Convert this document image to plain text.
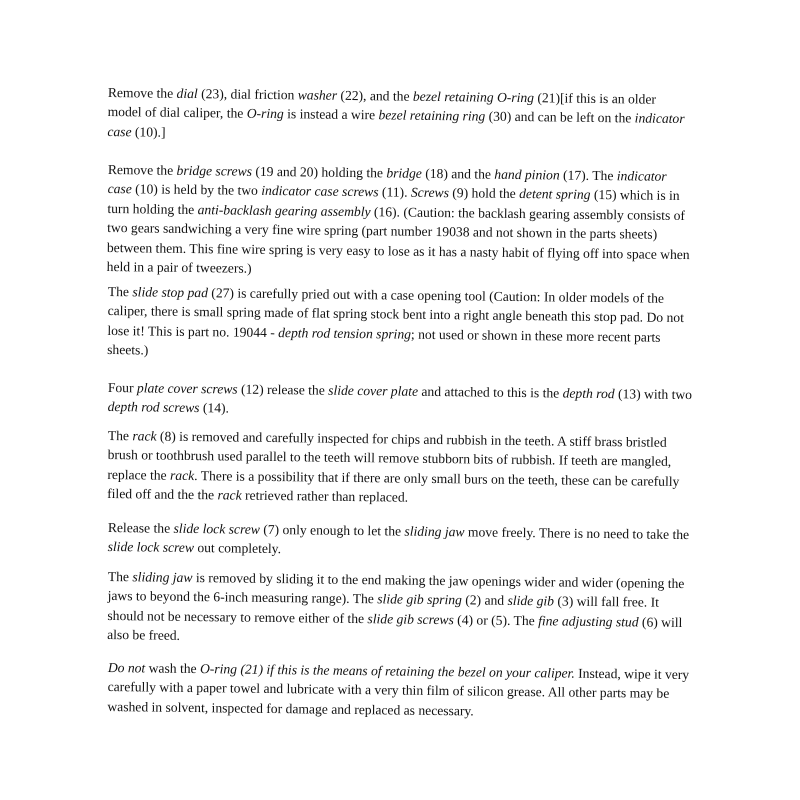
Remove the dial (23), dial friction washer (22), and the bezel retaining O-ring (21)[if this is an older model of dial caliper, the O-ring is instead a wire bezel retaining ring (30) and can be left on the indicator case (10).]

Remove the bridge screws (19 and 20) holding the bridge (18) and the hand pinion (17). The indicator case (10) is held by the two indicator case screws (11). Screws (9) hold the detent spring (15) which is in turn holding the anti-backlash gearing assembly (16). (Caution: the backlash gearing assembly consists of two gears sandwiching a very fine wire spring (part number 19038 and not shown in the parts sheets) between them. This fine wire spring is very easy to lose as it has a nasty habit of flying off into space when held in a pair of tweezers.)

The slide stop pad (27) is carefully pried out with a case opening tool (Caution: In older models of the caliper, there is small spring made of flat spring stock bent into a right angle beneath this stop pad. Do not lose it! This is part no. 19044 - depth rod tension spring; not used or shown in these more recent parts sheets.)

Four plate cover screws (12) release the slide cover plate and attached to this is the depth rod (13) with two depth rod screws (14).

The rack (8) is removed and carefully inspected for chips and rubbish in the teeth. A stiff brass bristled brush or toothbrush used parallel to the teeth will remove stubborn bits of rubbish. If teeth are mangled, replace the rack. There is a possibility that if there are only small burs on the teeth, these can be carefully filed off and the the rack retrieved rather than replaced.

Release the slide lock screw (7) only enough to let the sliding jaw move freely. There is no need to take the slide lock screw out completely.

The sliding jaw is removed by sliding it to the end making the jaw openings wider and wider (opening the jaws to beyond the 6-inch measuring range). The slide gib spring (2) and slide gib (3) will fall free. It should not be necessary to remove either of the slide gib screws (4) or (5). The fine adjusting stud (6) will also be freed.

Do not wash the O-ring (21) if this is the means of retaining the bezel on your caliper. Instead, wipe it very carefully with a paper towel and lubricate with a very thin film of silicon grease. All other parts may be washed in solvent, inspected for damage and replaced as necessary.
